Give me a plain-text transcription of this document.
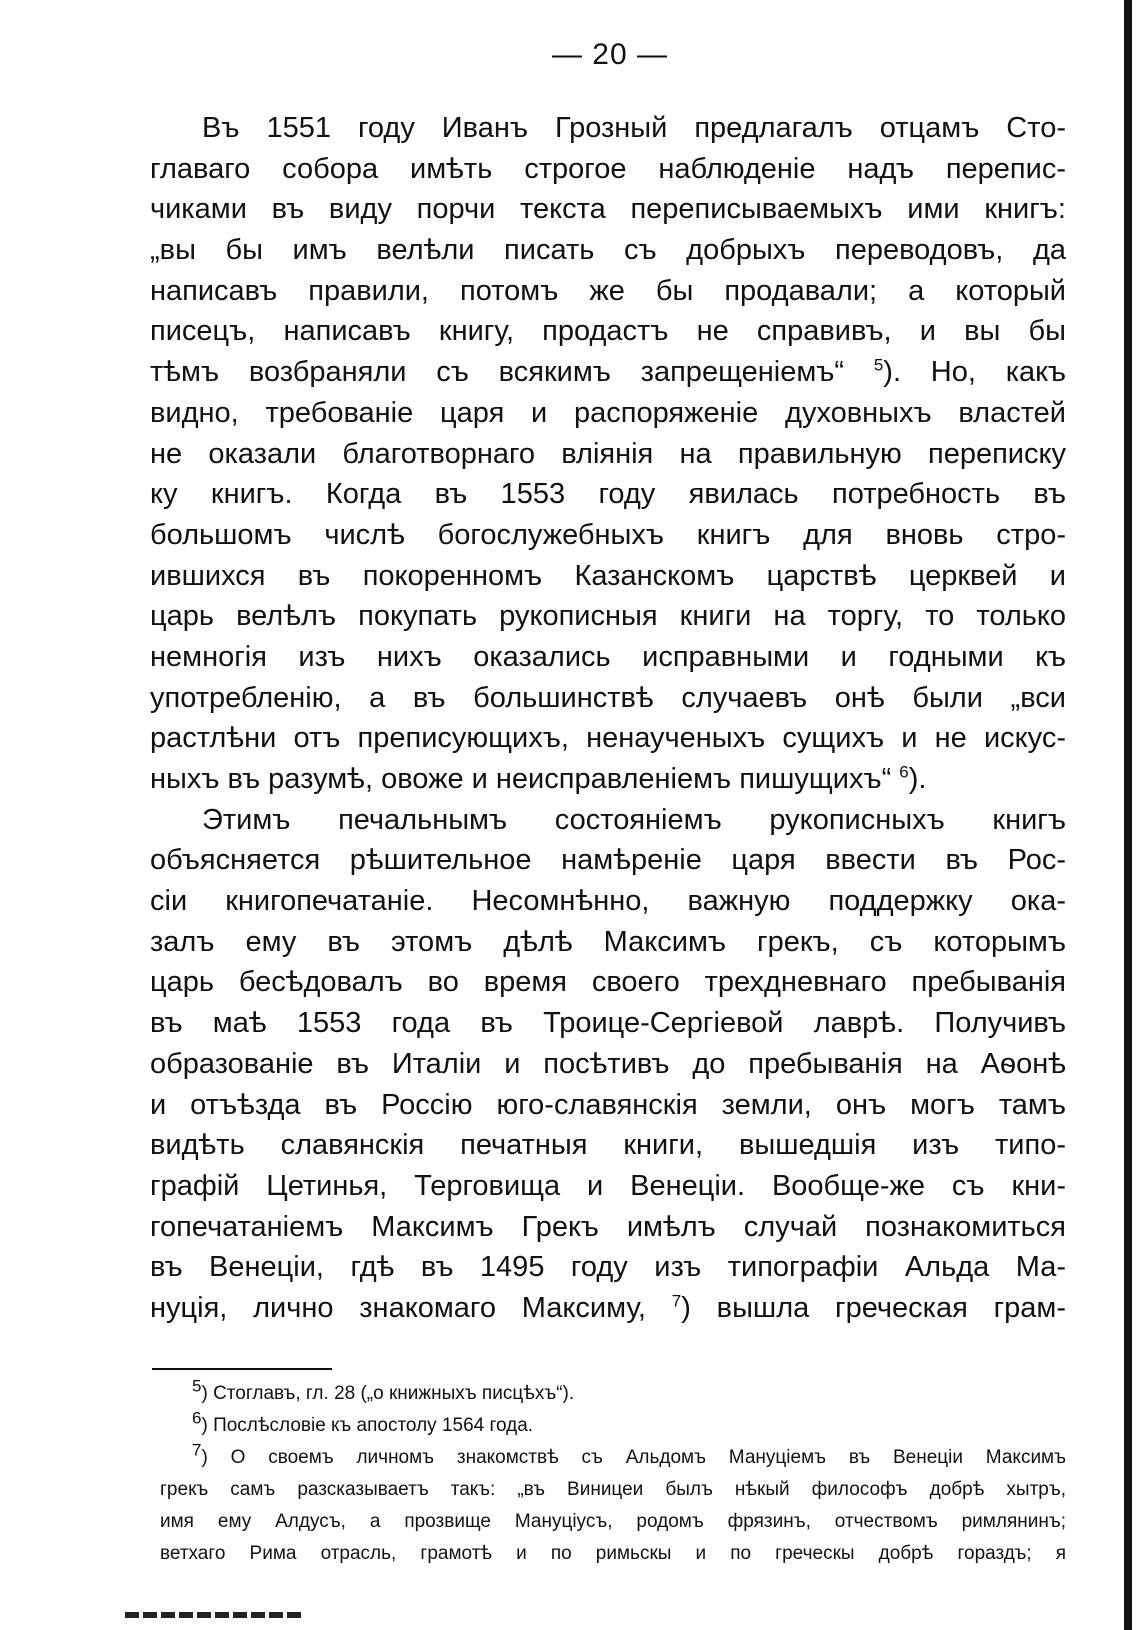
— 20 —
Въ 1551 году Иванъ Грозный предлагалъ отцамъ Сто-
главаго собора имѣть строгое наблюденіе надъ перепис-
чиками въ виду порчи текста переписываемыхъ ими книгъ:
„вы бы имъ велѣли писать съ добрыхъ переводовъ, да
написавъ правили, потомъ же бы продавали; а который
писецъ, написавъ книгу, продастъ не справивъ, и вы бы
тѣмъ возбраняли съ всякимъ запрещеніемъ“ $^5$). Но, какъ
видно, требованіе царя и распоряженіе духовныхъ властей
не оказали благотворнаго вліянія на правильную переписку
ку книгъ. Когда въ 1553 году явилась потребность въ
большомъ числѣ богослужебныхъ книгъ для вновь стро-
ившихся въ покоренномъ Казанскомъ царствѣ церквей и
царь велѣлъ покупать рукописныя книги на торгу, то только
немногія изъ нихъ оказались исправными и годными къ
употребленію, а въ большинствѣ случаевъ онѣ были „вси
растлѣни отъ преписующихъ, ненаученыхъ сущихъ и не искус-
ныхъ въ разумѣ, овоже и неисправленіемъ пишущихъ“ $^6$).
Этимъ печальнымъ состояніемъ рукописныхъ книгъ
объясняется рѣшительное намѣреніе царя ввести въ Рос-
сіи книгопечатаніе. Несомнѣнно, важную поддержку ока-
залъ ему въ этомъ дѣлѣ Максимъ грекъ, съ которымъ
царь бесѣдовалъ во время своего трехдневнаго пребыванія
въ маѣ 1553 года въ Троице-Сергіевой лаврѣ. Получивъ
образованіе въ Италіи и посѣтивъ до пребыванія на Аѳонѣ
и отъѣзда въ Россію юго-славянскія земли, онъ могъ тамъ
видѣть славянскія печатныя книги, вышедшія изъ типо-
графій Цетинья, Терговища и Венеціи. Вообще-же съ кни-
гопечатаніемъ Максимъ Грекъ имѣлъ случай познакомиться
въ Венеціи, гдѣ въ 1495 году изъ типографіи Альда Ма-
нуція, лично знакомаго Максиму, $^7$) вышла греческая грам-
$^5$) Стоглавъ, гл. 28 („о книжныхъ писцѣхъ“).
$^6$) Послѣсловіе къ апостолу 1564 года.
$^7$) О своемъ личномъ знакомствѣ съ Альдомъ Мануціемъ въ Венеціи Максимъ
грекъ самъ разсказываетъ такъ: „въ Виницеи былъ нѣкый философъ добрѣ хытръ,
имя ему Алдусъ, а прозвище Мануціусъ, родомъ фрязинъ, отчествомъ римлянинъ;
ветхаго Рима отрасль, грамотѣ и по римьскы и по греческы добрѣ гораздъ; я
